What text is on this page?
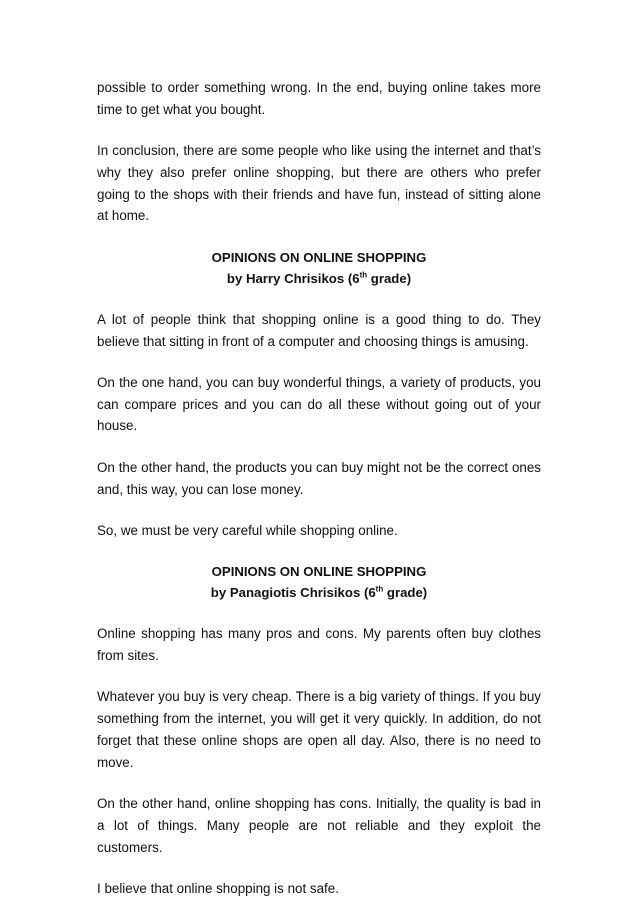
possible to order something wrong. In the end, buying online takes more time to get what you bought.

In conclusion, there are some people who like using the internet and that’s why they also prefer online shopping, but there are others who prefer going to the shops with their friends and have fun, instead of sitting alone at home.

OPINIONS ON ONLINE SHOPPING
by Harry Chrisikos (6th grade)

A lot of people think that shopping online is a good thing to do. They believe that sitting in front of a computer and choosing things is amusing.

On the one hand, you can buy wonderful things, a variety of products, you can compare prices and you can do all these without going out of your house.

On the other hand, the products you can buy might not be the correct ones and, this way, you can lose money.

So, we must be very careful while shopping online.

OPINIONS ON ONLINE SHOPPING
by Panagiotis Chrisikos (6th grade)

Online shopping has many pros and cons. My parents often buy clothes from sites.

Whatever you buy is very cheap. There is a big variety of things. If you buy something from the internet, you will get it very quickly. In addition, do not forget that these online shops are open all day. Also, there is no need to move.

On the other hand, online shopping has cons. Initially, the quality is bad in a lot of things. Many people are not reliable and they exploit the customers.

I believe that online shopping is not safe.
